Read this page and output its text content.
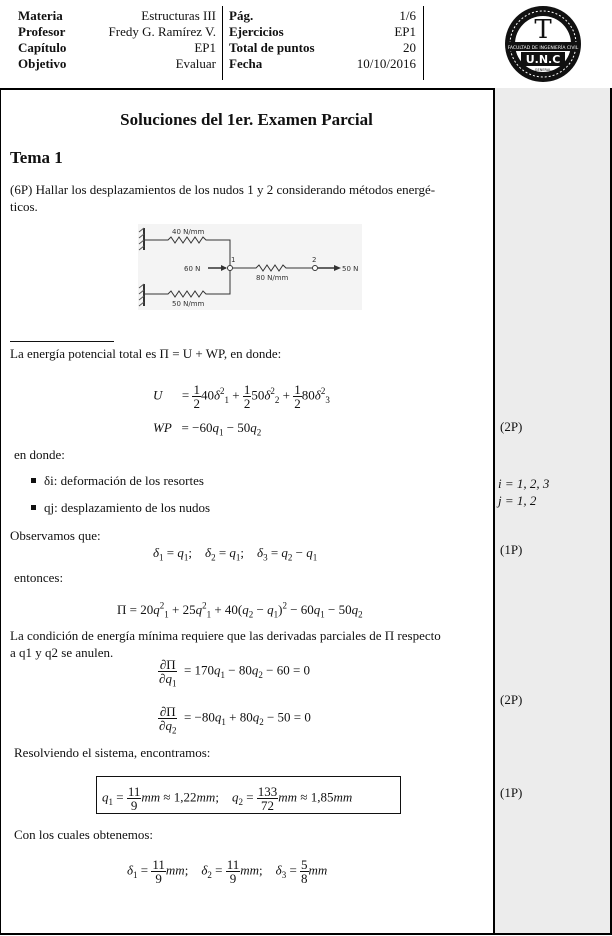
Materia	Estructuras III
Profesor	Fredy G. Ramírez V.
Capítulo	EP1
Objetivo	Evaluar
Pág.	1/6
Ejercicios	EP1
Total de puntos	20
Fecha	10/10/2016
FACULTAD DE INGENIERÍA CIVIL
T
U.N.C
GENERAL
Soluciones del 1er. Examen Parcial
Tema 1
(6P) Hallar los desplazamientos de los nudos 1 y 2 considerando métodos energé-
ticos.
40 N/mm
60 N
1
80 N/mm
2
50 N
50 N/mm
La energía potencial total es Π = U + WP, en donde:
U      = $\frac{1}{2} 40\delta^2_1 + \frac{1}{2} 50\delta^2_2 + \frac{1}{2} 80\delta^2_3$
WP   = $-60q_1 - 50q_2$	(2P)
en donde:
δi: deformación de los resortes
qj: desplazamiento de los nudos
i = 1, 2, 3
j = 1, 2
Observamos que:
$\delta_1 = q_1$;    $\delta_2 = q_1$;    $\delta_3 = q_2 - q_1$
(1P)
entonces:
$\Pi = 20q^2_1 + 25q^2_1 + 40(q_2 - q_1)^2 - 60q_1 - 50q_2$
La condición de energía mínima requiere que las derivadas parciales de Π respecto
a q1 y q2 se anulen.
$\frac{\partial\Pi}{\partial q_1} = 170q_1 - 80q_2 - 60 = 0$
$\frac{\partial\Pi}{\partial q_2} = -80q_1 + 80q_2 - 50 = 0$
(2P)
Resolviendo el sistema, encontramos:
$q_1 = \frac{11}{9}$ mm ≈ 1,22mm;    $q_2 = \frac{133}{72}$ mm ≈ 1,85mm	(1P)
Con los cuales obtenemos:
$\delta_1 = \frac{11}{9}$ mm;    $\delta_2 = \frac{11}{9}$ mm;    $\delta_3 = \frac{5}{8}$ mm
